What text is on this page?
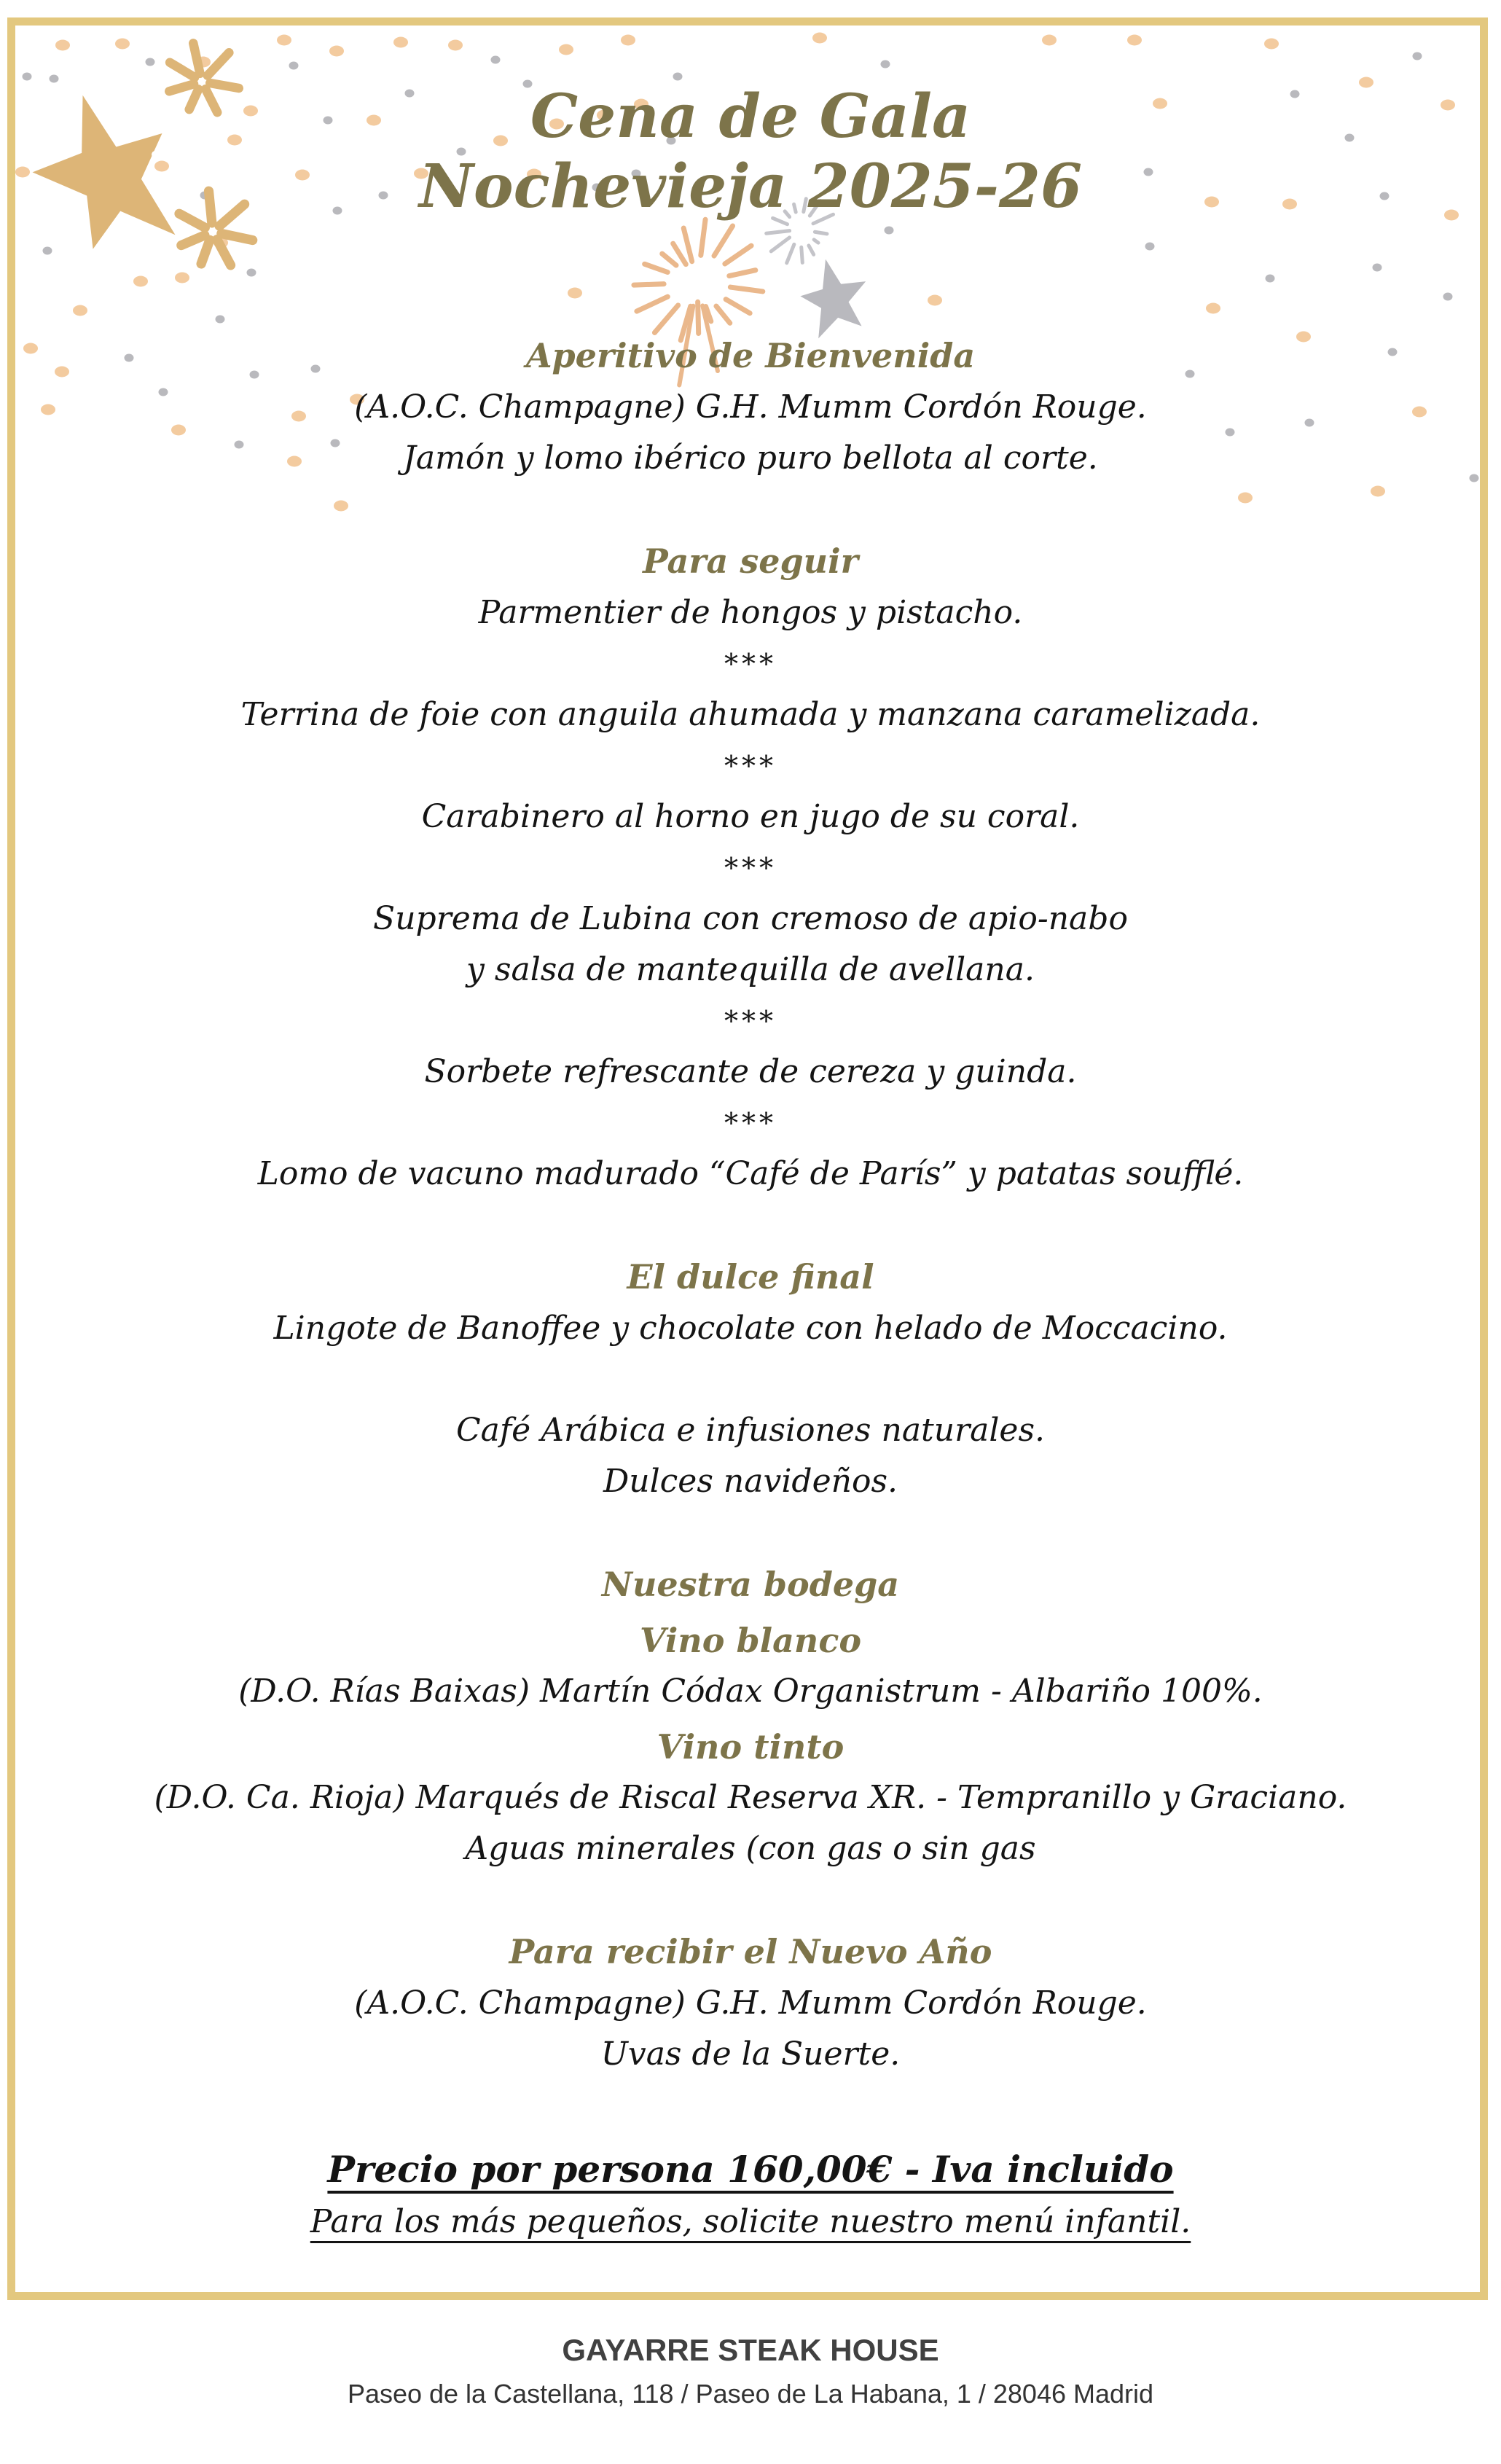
Cena de Gala
Nochevieja 2025-26
Aperitivo de Bienvenida
(A.O.C. Champagne) G.H. Mumm Cordón Rouge.
Jamón y lomo ibérico puro bellota al corte.
Para seguir
Parmentier de hongos y pistacho.
***
Terrina de foie con anguila ahumada y manzana caramelizada.
***
Carabinero al horno en jugo de su coral.
***
Suprema de Lubina con cremoso de apio-nabo
y salsa de mantequilla de avellana.
***
Sorbete refrescante de cereza y guinda.
***
Lomo de vacuno madurado “Café de París” y patatas soufflé.
El dulce final
Lingote de Banoffee y chocolate con helado de Moccacino.
Café Arábica e infusiones naturales.
Dulces navideños.
Nuestra bodega
Vino blanco
(D.O. Rías Baixas) Martín Códax Organistrum - Albariño 100%.
Vino tinto
(D.O. Ca. Rioja) Marqués de Riscal Reserva XR. - Tempranillo y Graciano.
Aguas minerales (con gas o sin gas
Para recibir el Nuevo Año
(A.O.C. Champagne) G.H. Mumm Cordón Rouge.
Uvas de la Suerte.
Precio por persona 160,00€ - Iva incluido
Para los más pequeños, solicite nuestro menú infantil.
GAYARRE STEAK HOUSE
Paseo de la Castellana, 118 / Paseo de La Habana, 1 / 28046 Madrid
